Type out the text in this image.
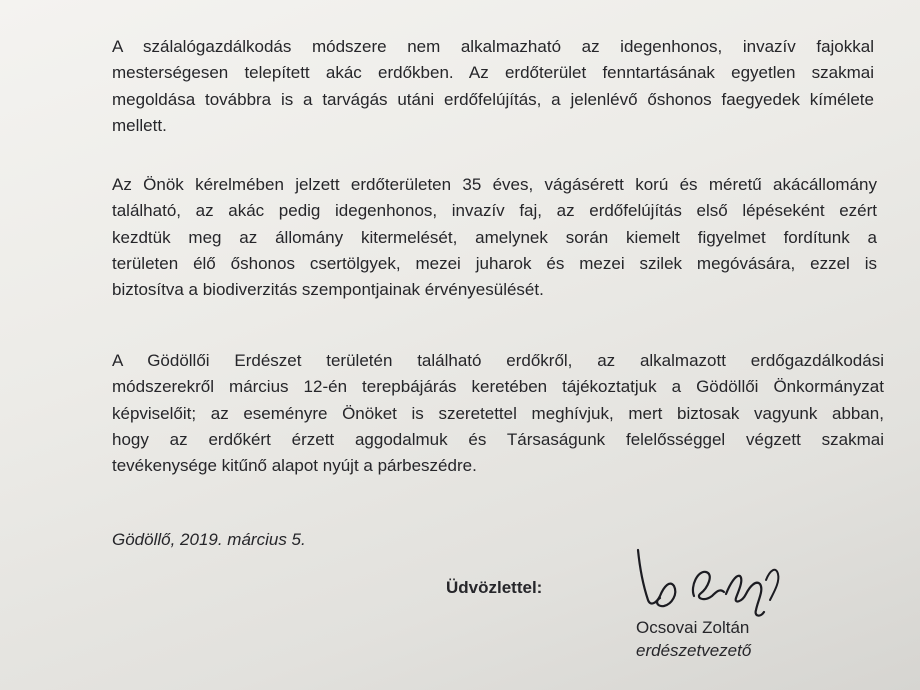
A szálalógazdálkodás módszere nem alkalmazható az idegenhonos, invazív fajokkal
mesterségesen telepített akác erdőkben. Az erdőterület fenntartásának egyetlen szakmai
megoldása továbbra is a tarvágás utáni erdőfelújítás, a jelenlévő őshonos faegyedek kímélete
mellett.

Az Önök kérelmében jelzett erdőterületen 35 éves, vágásérett korú és méretű akácállomány
található, az akác pedig idegenhonos, invazív faj, az erdőfelújítás első lépéseként ezért
kezdtük meg az állomány kitermelését, amelynek során kiemelt figyelmet fordítunk a
területen élő őshonos csertölgyek, mezei juharok és mezei szilek megóvására, ezzel is
biztosítva a biodiverzitás szempontjainak érvényesülését.

A Gödöllői Erdészet területén található erdőkről, az alkalmazott erdőgazdálkodási
módszerekről március 12-én terepbájárás keretében tájékoztatjuk a Gödöllői Önkormányzat
képviselőit; az eseményre Önöket is szeretettel meghívjuk, mert biztosak vagyunk abban,
hogy az erdőkért érzett aggodalmuk és Társaságunk felelősséggel végzett szakmai
tevékenysége kitűnő alapot nyújt a párbeszédre.

Gödöllő, 2019. március 5.
Üdvözlettel:
Ocsovai Zoltán
erdészetvezető
